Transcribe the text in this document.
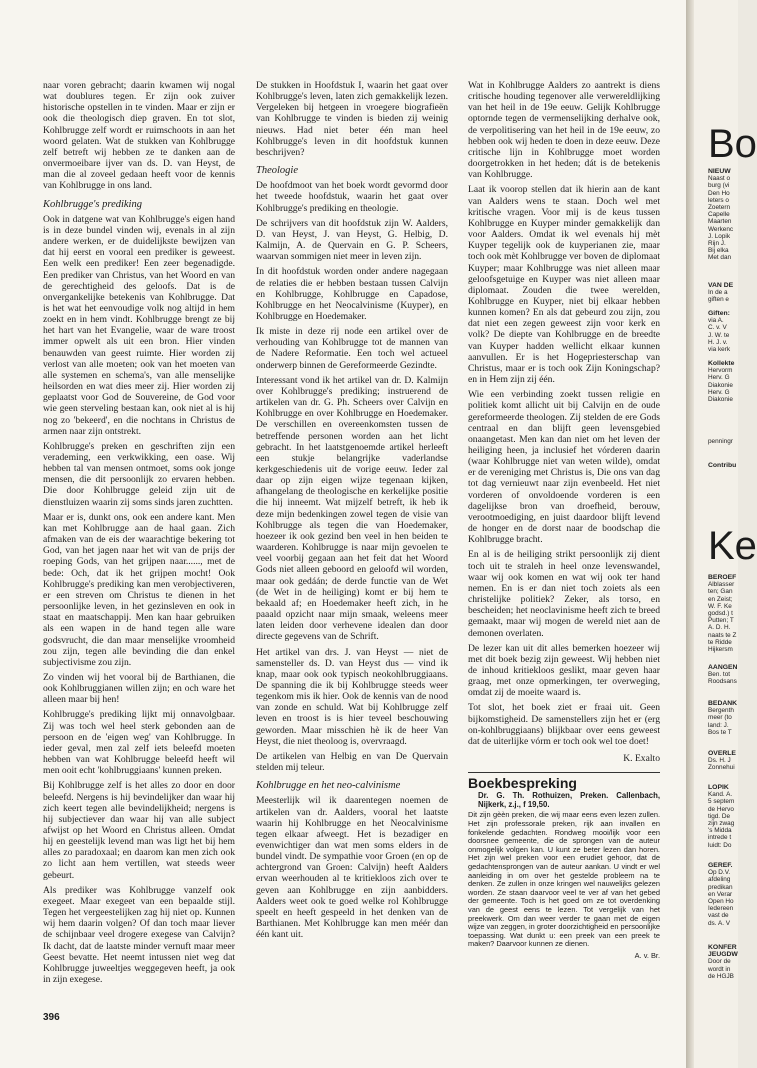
naar voren gebracht; daarin kwamen wij nogal wat doublures tegen. Er zijn ook zuiver historische opstellen in te vinden. Maar er zijn er ook die theologisch diep graven. En tot slot, Kohlbrugge zelf wordt er ruimschoots in aan het woord gelaten. Wat de stukken van Kohlbrugge zelf betreft wij hebben ze te danken aan de onvermoeibare ijver van ds. D. van Heyst, de man die al zoveel gedaan heeft voor de kennis van Kohlbrugge in ons land.

Kohlbrugge's prediking

Ook in datgene wat van Kohlbrugge's eigen hand is in deze bundel vinden wij, evenals in al zijn andere werken, er de duidelijkste bewijzen van dat hij eerst en vooral een prediker is geweest. Een welk een prediker! Een zeer begenadigde. Een prediker van Christus, van het Woord en van de gerechtigheid des geloofs. Dat is de onvergankelijke betekenis van Kohlbrugge. Dat is het wat het eenvoudige volk nog altijd in hem zoekt en in hem vindt. Kohlbrugge brengt ze bij het hart van het Evangelie, waar de ware troost immer opwelt als uit een bron. Hier vinden benauwden van geest ruimte. Hier worden zij verlost van alle moeten; ook van het moeten van alle systemen en schema's, van alle menselijke heilsorden en wat dies meer zij. Hier worden zij geplaatst voor God de Souvereine, de God voor wie geen sterveling bestaan kan, ook niet al is hij nog zo 'bekeerd', en die nochtans in Christus de armen naar zijn ontstrekt.

Kohlbrugge's preken en geschriften zijn een verademing, een verkwikking, een oase. Wij hebben tal van mensen ontmoet, soms ook jonge mensen, die dit persoonlijk zo ervaren hebben. Die door Kohlbrugge geleid zijn uit de dienstluizen waarin zij soms sinds jaren zuchtten.

Maar er is, dunkt ons, ook een andere kant. Men kan met Kohlbrugge aan de haal gaan. Zich afmaken van de eis der waarachtige bekering tot God, van het jagen naar het wit van de prijs der roeping Gods, van het grijpen naar......, met de bede: Och, dat ik het grijpen mocht! Ook Kohlbrugge's prediking kan men verobjectiveren, er een streven om Christus te dienen in het persoonlijke leven, in het gezinsleven en ook in staat en maatschappij. Men kan haar gebruiken als een wapen in de hand tegen alle ware godsvrucht, die dan maar menselijke vroomheid zou zijn, tegen alle bevinding die dan enkel subjectivisme zou zijn.

Zo vinden wij het vooral bij de Barthianen, die ook Kohlbruggianen willen zijn; en och ware het alleen maar bij hen!

Kohlbrugge's prediking lijkt mij onnavolgbaar. Zij was toch wel heel sterk gebonden aan de persoon en de 'eigen weg' van Kohlbrugge. In ieder geval, men zal zelf iets beleefd moeten hebben van wat Kohlbrugge beleefd heeft wil men ooit echt 'kohlbruggiaans' kunnen preken.

Bij Kohlbrugge zelf is het alles zo door en door beleefd. Nergens is hij bevindelijker dan waar hij zich keert tegen alle bevindelijkheid; nergens is hij subjectiever dan waar hij van alle subject afwijst op het Woord en Christus alleen. Omdat hij en geestelijk levend man was ligt het bij hem alles zo paradoxaal; en daarom kan men zich ook zo licht aan hem vertillen, wat steeds weer gebeurt.

Als prediker was Kohlbrugge vanzelf ook exegeet. Maar exegeet van een bepaalde stijl. Tegen het vergeestelijken zag hij niet op. Kunnen wij hem daarin volgen? Of dan toch maar liever de schijnbaar veel drogere exegese van Calvijn? Ik dacht, dat de laatste minder vernuft maar meer Geest bevatte. Het neemt intussen niet weg dat Kohlbrugge juweeltjes weggegeven heeft, ja ook in zijn exegese.

De stukken in Hoofdstuk I, waarin het gaat over Kohlbrugge's leven, laten zich gemakkelijk lezen. Vergeleken bij hetgeen in vroegere biografieën van Kohlbrugge te vinden is bieden zij weinig nieuws. Had niet beter één man heel Kohlbrugge's leven in dit hoofdstuk kunnen beschrijven?

Theologie

De hoofdmoot van het boek wordt gevormd door het tweede hoofdstuk, waarin het gaat over Kohlbrugge's prediking en theologie.

De schrijvers van dit hoofdstuk zijn W. Aalders, D. van Heyst, J. van Heyst, G. Helbig, D. Kalmijn, A. de Quervain en G. P. Scheers, waarvan sommigen niet meer in leven zijn.

In dit hoofdstuk worden onder andere nagegaan de relaties die er hebben bestaan tussen Calvijn en Kohlbrugge, Kohlbrugge en Capadose, Kohlbrugge en het Neocalvinisme (Kuyper), en Kohlbrugge en Hoedemaker.

Ik miste in deze rij node een artikel over de verhouding van Kohlbrugge tot de mannen van de Nadere Reformatie. Een toch wel actueel onderwerp binnen de Gereformeerde Gezindte.

Interessant vond ik het artikel van dr. D. Kalmijn over Kohlbrugge's prediking; instruerend de artikelen van dr. G. Ph. Scheers over Calvijn en Kohlbrugge en over Kohlbrugge en Hoedemaker. De verschillen en overeenkomsten tussen de betreffende personen worden aan het licht gebracht. In het laatstgenoemde artikel herleeft een stukje belangrijke vaderlandse kerkgeschiedenis uit de vorige eeuw. Ieder zal daar op zijn eigen wijze tegenaan kijken, afhangelang de theologische en kerkelijke positie die hij inneemt. Wat mijzelf betreft, ik heb ik deze mijn bedenkingen zowel tegen de visie van Kohlbrugge als tegen die van Hoedemaker, hoezeer ik ook gezind ben veel in hen beiden te waarderen. Kohlbrugge is naar mijn gevoelen te veel voorbij gegaan aan het feit dat het Woord Gods niet alleen geboord en geloofd wil worden, maar ook gedáán; de derde functie van de Wet (de Wet in de heiliging) komt er bij hem te bekaald af; en Hoedemaker heeft zich, in he paaald opzicht naar mijn smaak, weleens meer laten leiden door verhevene idealen dan door directe gegevens van de Schrift.

Het artikel van drs. J. van Heyst — niet de samensteller ds. D. van Heyst dus — vind ik knap, maar ook ook typisch neokohlbruggiaans. De spanning die ik bij Kohlbrugge steeds weer tegenkom mis ik hier. Ook de kennis van de nood van zonde en schuld. Wat bij Kohlbrugge zelf leven en troost is is hier teveel beschouwing geworden. Maar misschien hè ik de heer Van Heyst, die niet theoloog is, overvraagd.

De artikelen van Helbig en van De Quervain stelden mij teleur.

Kohlbrugge en het neo-calvinisme

Meesterlijk wil ik daarentegen noemen de artikelen van dr. Aalders, vooral het laatste waarin hij Kohlbrugge en het Neocalvinisme tegen elkaar afweegt. Het is bezadiger en evenwichtiger dan wat men soms elders in de bundel vindt. De sympathie voor Groen (en op de achtergrond van Groen: Calvijn) heeft Aalders ervan weerhouden al te kritiekloos zich over te geven aan Kohlbrugge en zijn aanbidders. Aalders weet ook te goed welke rol Kohlbrugge speelt en heeft gespeeld in het denken van de Barthianen. Met Kohlbrugge kan men méér dan één kant uit.

Wat in Kohlbrugge Aalders zo aantrekt is diens critische houding tegenover alle verwereldlijking van het heil in de 19e eeuw. Gelijk Kohlbrugge optornde tegen de vermenselijking derhalve ook, de verpolitisering van het heil in de 19e eeuw, zo hebben ook wij heden te doen in deze eeuw. Deze critische lijn in Kohlbrugge moet worden doorgetrokken in het heden; dát is de betekenis van Kohlbrugge.

Laat ik voorop stellen dat ik hierin aan de kant van Aalders wens te staan. Doch wel met kritische vragen. Voor mij is de keus tussen Kohlbrugge en Kuyper minder gemakkelijk dan voor Aalders. Omdat ik wel evenals hij mèt Kuyper tegelijk ook de kuyperianen zie, maar toch ook mèt Kohlbrugge ver boven de diplomaat Kuyper; maar Kohlbrugge was niet alleen maar geloofsgetuige en Kuyper was niet alleen maar diplomaat. Zouden die twee werelden, Kohlbrugge en Kuyper, niet bij elkaar hebben kunnen komen? En als dat gebeurd zou zijn, zou dat niet een zegen geweest zijn voor kerk en volk? De diepte van Kohlbrugge en de breedte van Kuyper hadden wellicht elkaar kunnen aanvullen. Er is het Hogepriesterschap van Christus, maar er is toch ook Zijn Koningschap? en in Hem zijn zij één.

Wie een verbinding zoekt tussen religie en politiek komt allicht uit bij Calvijn en de oude gereformeerde theologen. Zij stelden de ere Gods centraal en dan blijft geen levensgebied onaangetast. Men kan dan niet om het leven der heiliging heen, ja inclusief het vórderen daarin (waar Kohlbrugge niet van weten wilde), omdat er de vereniging met Christus is, Die ons van dag tot dag vernieuwt naar zijn evenbeeld. Het niet vorderen of onvoldoende vorderen is een dagelijkse bron van droefheid, berouw, verootmoediging, en juist daardoor blijft levend de honger en de dorst naar de boodschap die Kohlbrugge bracht.

En al is de heiliging strikt persoonlijk zij dient toch uit te straleh in heel onze levenswandel, waar wij ook komen en wat wij ook ter hand nemen. En is er dan niet toch zoiets als een christelijke politiek? Zeker, als torso, en bescheiden; het neoclavinisme heeft zich te breed gemaakt, maar wij mogen de wereld niet aan de demonen overlaten.

De lezer kan uit dit alles bemerken hoezeer wij met dit boek bezig zijn geweest. Wij hebben niet de inhoud kritiekloos geslikt, maar geven haar graag, met onze opmerkingen, ter overweging, omdat zij de moeite waard is.

Tot slot, het boek ziet er fraai uit. Geen bijkomstigheid. De samenstellers zijn het er (erg on-kohlbruggiaans) blijkbaar over eens geweest dat de uiterlijke vórm er toch ook wel toe doet!

K. Exalto
Boekbespreking
Dr. G. Th. Rothuizen, Preken. Callenbach, Nijkerk, z.j., f 19,50.
Dit zijn gèèn preken, die wij maar eens even lezen zullen. Het zijn professorale preken, rijk aan invallen en fonkelende gedachten. Rondweg mooi/lijk voor een doorsnee gemeente, die de sprongen van de auteur onmogelijk volgen kan. U kunt ze beter lezen dan horen. Het zijn wel preken voor een erudiet gehoor, dat de gedachtensprongen van de auteur aankan. U vindt er wel aanleiding in om over het gestelde probleem na te denken. Ze zullen in onze kringen wel nauwelijks gelezen worden. Ze staan daarvoor veel te ver af van het gebed der gemeente. Toch is het goed om ze tot overdenking van de geest eens te lezen. Tot vergelijk van het preekwerk. Om dan weer verder te gaan met de eigen wijze van zeggen, in groter doorzichtigheid en persoonlijke toepassing. Wat dunkt u: een preek van een preek te maken? Daarvoor kunnen ze dienen.
A. v. Br.
396
Bo
NIEUW
Naast o
burg (vi
Den Ho
leters o
Zoetern
Capelle
Maarten
Werkenc
J. Lopik
Rijn J.
Bij elka
Met dan
VAN DE
In de a
giften e
Giften:
via A.
C. v. V
J. W. te
H. J. v.
via kerk
Kollekte
Hervorm
Herv. G
Diakonie
Herv. G
Diakonie
penningr
Contribu
Ke
BEROEF
Alblasser
ten; Gan
en Zeist;
W. F. Ke
godsd.) t
Putten; T
A. D. H.
naats te Z
te Ridde
Hijkersm
AANGEN
Ben. tot
Roodsans
BEDANK
Bergenth
meer (to
land: J.
Bos te T
OVERLE
Ds. H. J
Zonnehui
LOPIK
Kand. A.
5 septem
de Hervo
tigd. De
zijn zwag
's Midda
intrede t
luidt: Do
GEREF.
Op D.V.
afdeling
predikan
en Verar
Open Ho
Iedereen
vast de
ds. A. V
KONFER
JEUGDW
Door de
wordt in
de HGJB
